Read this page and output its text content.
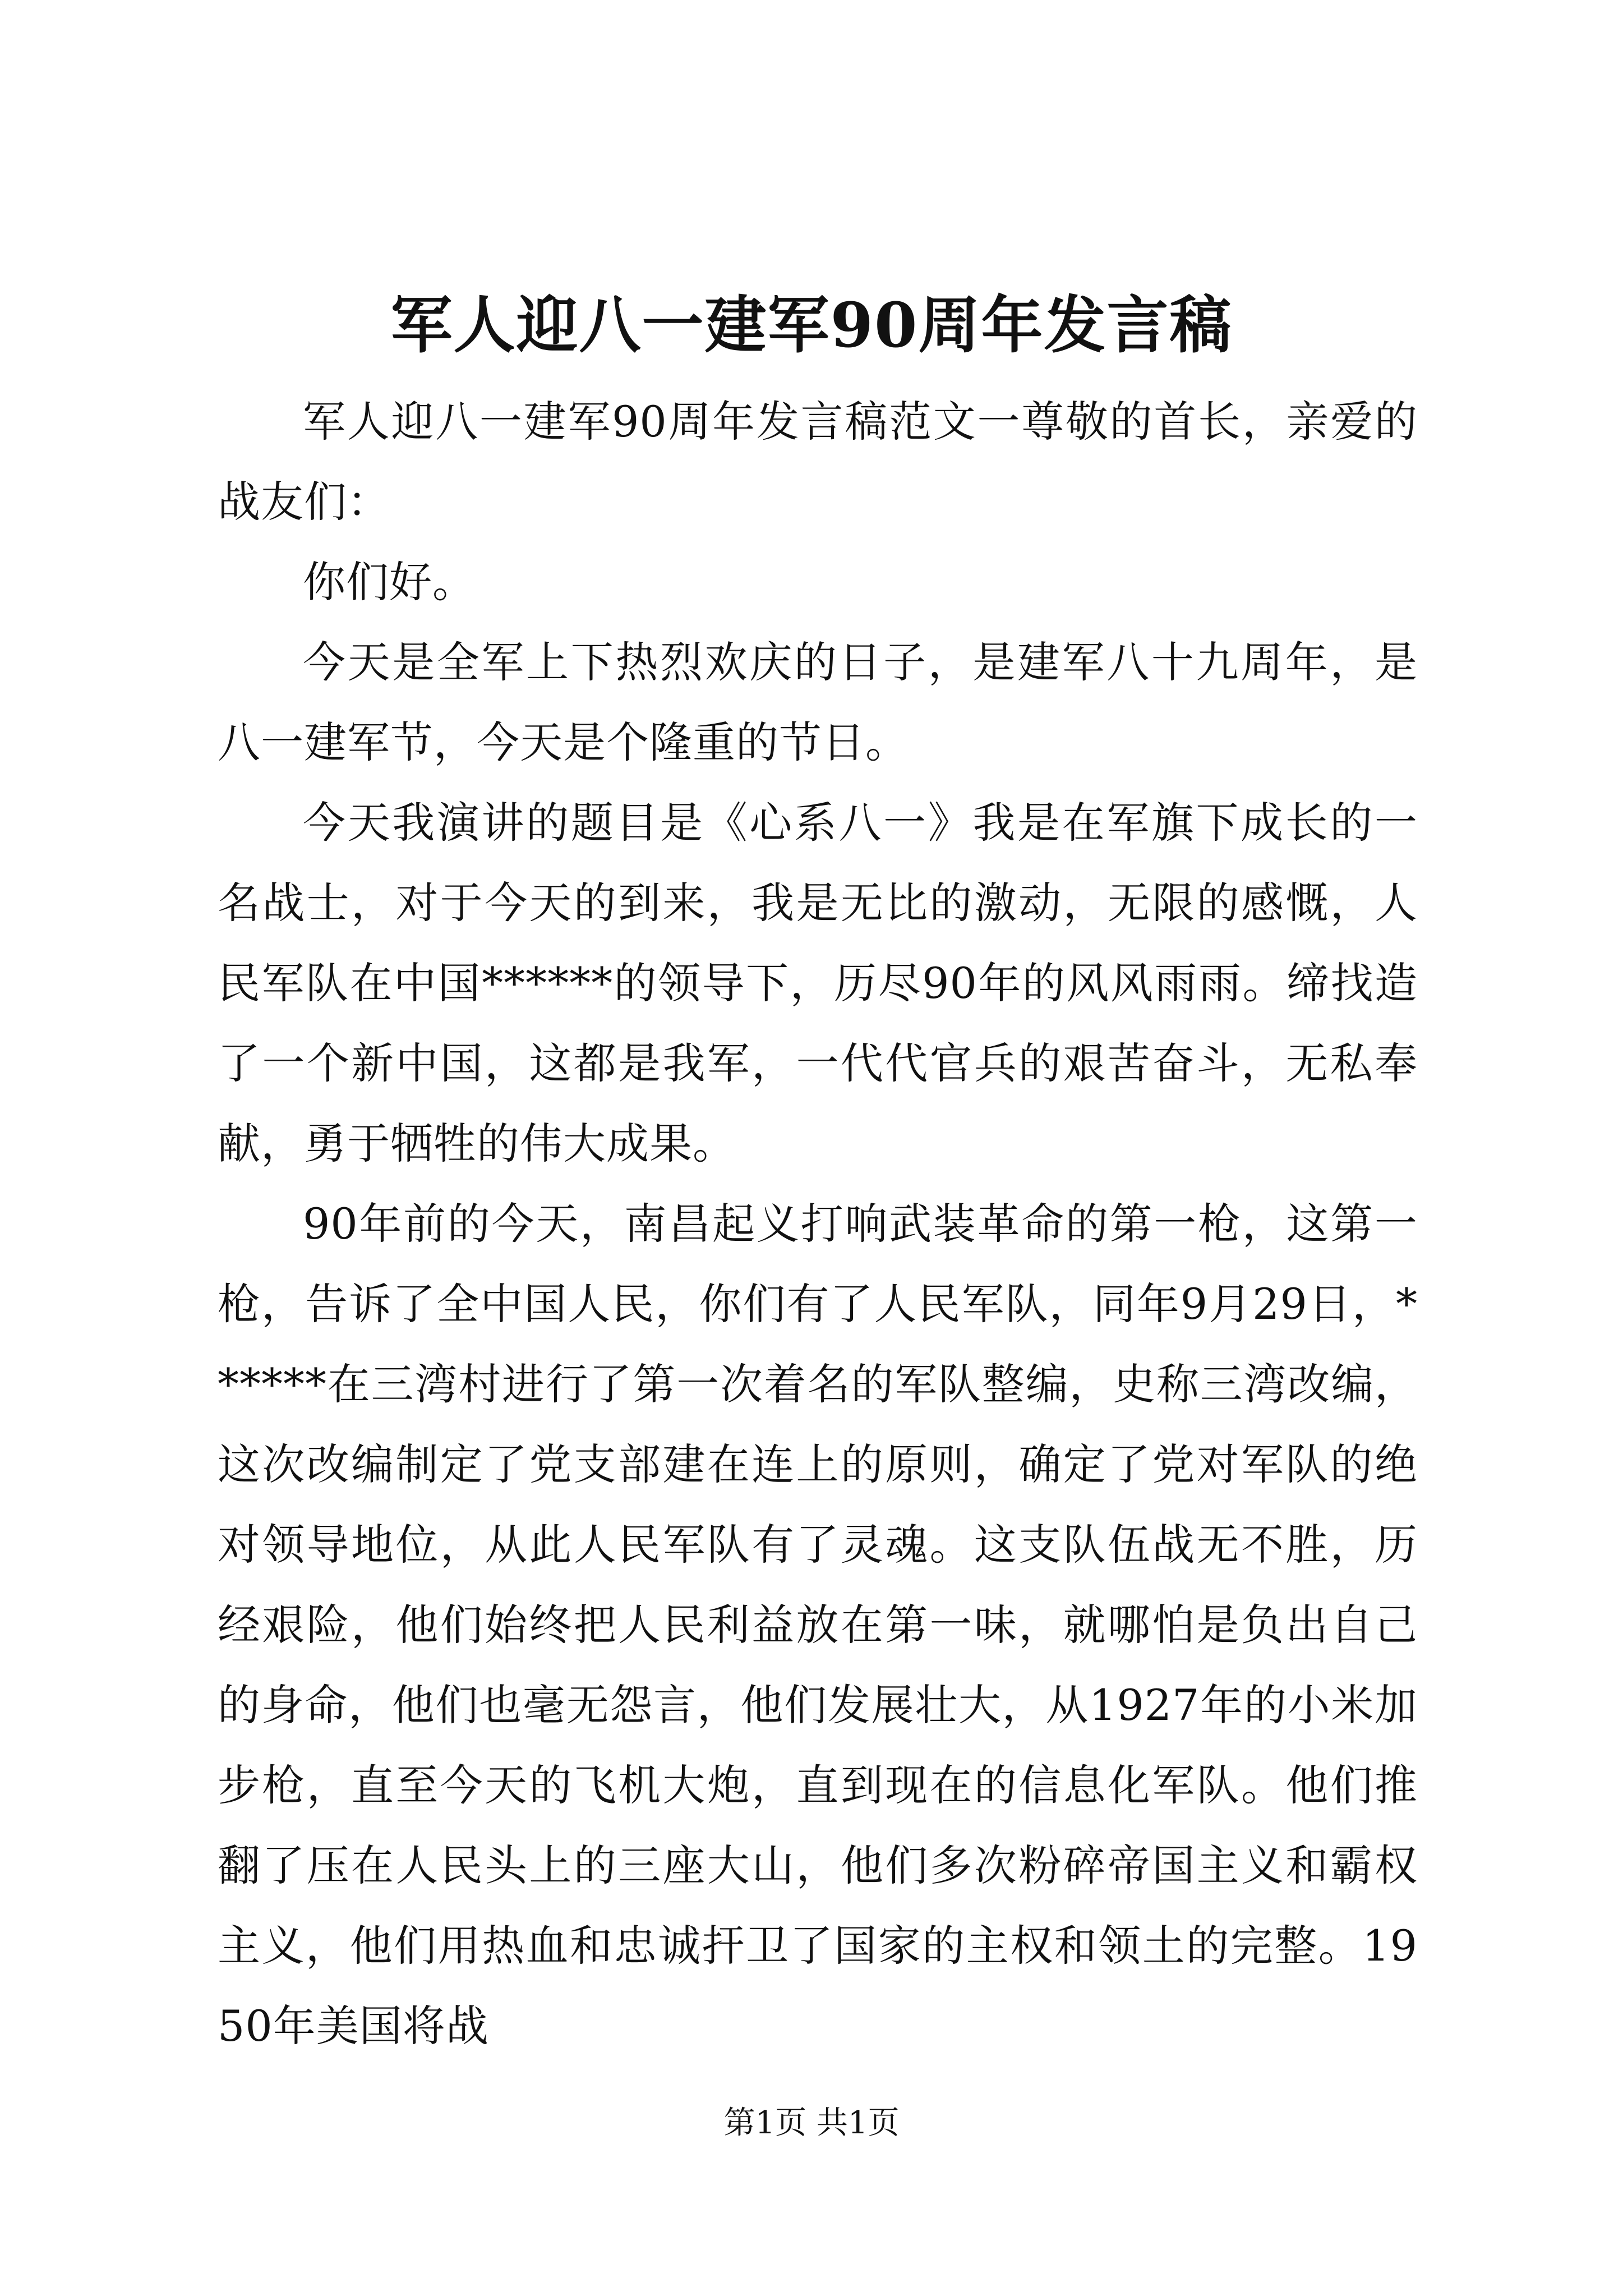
军人迎八一建军90周年发言稿

军人迎八一建军90周年发言稿范文一尊敬的首长，亲爱的战友们：

你们好。

今天是全军上下热烈欢庆的日子，是建军八十九周年，是八一建军节，今天是个隆重的节日。

今天我演讲的题目是《心系八一》我是在军旗下成长的一名战士，对于今天的到来，我是无比的激动，无限的感慨，人民军队在中国******的领导下，历尽90年的风风雨雨。缔找造了一个新中国，这都是我军，一代代官兵的艰苦奋斗，无私奉献，勇于牺牲的伟大成果。

90年前的今天，南昌起义打响武装革命的第一枪，这第一枪，告诉了全中国人民，你们有了人民军队，同年9月29日，******在三湾村进行了第一次着名的军队整编，史称三湾改编，这次改编制定了党支部建在连上的原则，确定了党对军队的绝对领导地位，从此人民军队有了灵魂。这支队伍战无不胜，历经艰险，他们始终把人民利益放在第一味，就哪怕是负出自己的身命，他们也毫无怨言，他们发展壮大，从1927年的小米加步枪，直至今天的飞机大炮，直到现在的信息化军队。他们推翻了压在人民头上的三座大山，他们多次粉碎帝国主义和霸权主义，他们用热血和忠诚扞卫了国家的主权和领土的完整。1950年美国将战

第1页 共1页
